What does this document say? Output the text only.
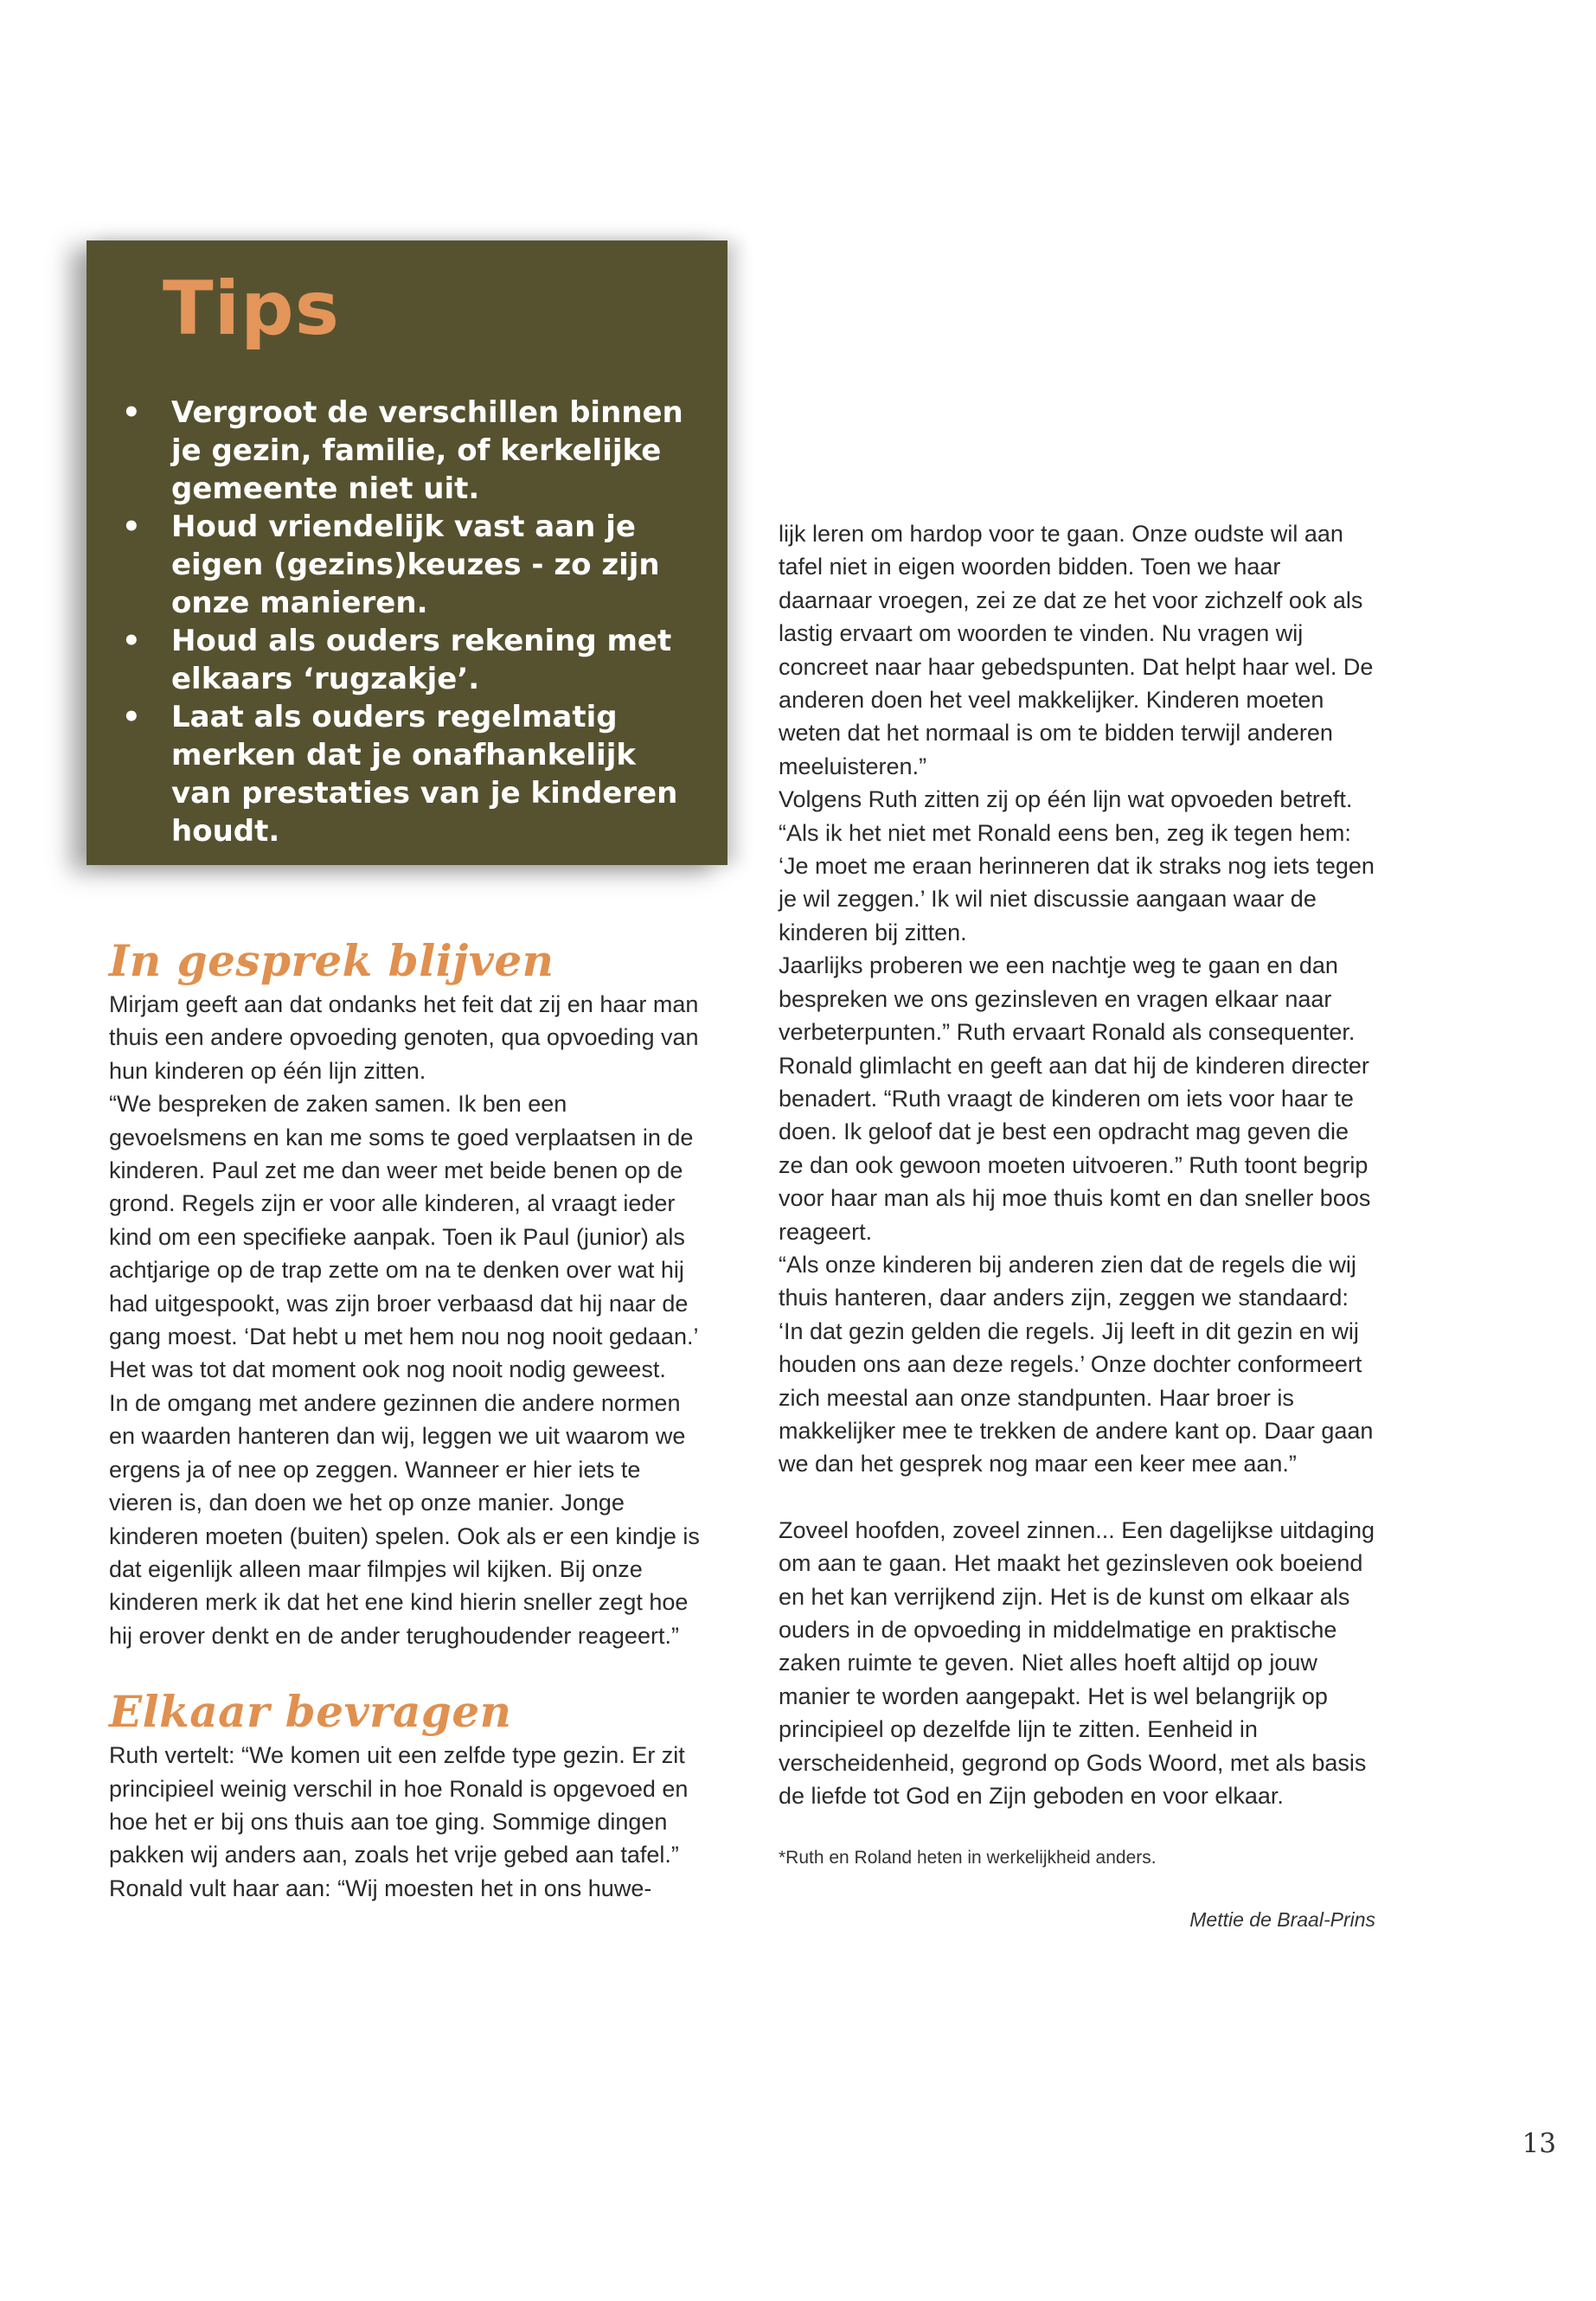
Tips
• Vergroot de verschillen binnen je gezin, familie, of kerkelijke gemeente niet uit.
• Houd vriendelijk vast aan je eigen (gezins)keuzes - zo zijn onze manieren.
• Houd als ouders rekening met elkaars ‘rugzakje’.
• Laat als ouders regelmatig merken dat je onafhankelijk van prestaties van je kinderen houdt.
In gesprek blijven

Mirjam geeft aan dat ondanks het feit dat zij en haar man thuis een andere opvoeding genoten, qua opvoeding van hun kinderen op één lijn zitten.

“We bespreken de zaken samen. Ik ben een gevoelsmens en kan me soms te goed verplaatsen in de kinderen. Paul zet me dan weer met beide benen op de grond. Regels zijn er voor alle kinderen, al vraagt ieder kind om een specifieke aanpak. Toen ik Paul (junior) als achtjarige op de trap zette om na te denken over wat hij had uitgespookt, was zijn broer verbaasd dat hij naar de gang moest. ‘Dat hebt u met hem nou nog nooit gedaan.’ Het was tot dat moment ook nog nooit nodig geweest.

In de omgang met andere gezinnen die andere normen en waarden hanteren dan wij, leggen we uit waarom we ergens ja of nee op zeggen. Wanneer er hier iets te vieren is, dan doen we het op onze manier. Jonge kinderen moeten (buiten) spelen. Ook als er een kindje is dat eigenlijk alleen maar filmpjes wil kijken. Bij onze kinderen merk ik dat het ene kind hierin sneller zegt hoe hij erover denkt en de ander terughoudender reageert.”

Elkaar bevragen

Ruth vertelt: “We komen uit een zelfde type gezin. Er zit principieel weinig verschil in hoe Ronald is opgevoed en hoe het er bij ons thuis aan toe ging. Sommige dingen pakken wij anders aan, zoals het vrije gebed aan tafel.”

Ronald vult haar aan: “Wij moesten het in ons huwe-

lijk leren om hardop voor te gaan. Onze oudste wil aan tafel niet in eigen woorden bidden. Toen we haar daarnaar vroegen, zei ze dat ze het voor zichzelf ook als lastig ervaart om woorden te vinden. Nu vragen wij concreet naar haar gebedspunten. Dat helpt haar wel. De anderen doen het veel makkelijker. Kinderen moeten weten dat het normaal is om te bidden terwijl anderen meeluisteren.”

Volgens Ruth zitten zij op één lijn wat opvoeden betreft. “Als ik het niet met Ronald eens ben, zeg ik tegen hem: ‘Je moet me eraan herinneren dat ik straks nog iets tegen je wil zeggen.’ Ik wil niet discussie aangaan waar de kinderen bij zitten.

Jaarlijks proberen we een nachtje weg te gaan en dan bespreken we ons gezinsleven en vragen elkaar naar verbeterpunten.” Ruth ervaart Ronald als consequenter. Ronald glimlacht en geeft aan dat hij de kinderen directer benadert. “Ruth vraagt de kinderen om iets voor haar te doen. Ik geloof dat je best een opdracht mag geven die ze dan ook gewoon moeten uitvoeren.” Ruth toont begrip voor haar man als hij moe thuis komt en dan sneller boos reageert.

“Als onze kinderen bij anderen zien dat de regels die wij thuis hanteren, daar anders zijn, zeggen we standaard: ‘In dat gezin gelden die regels. Jij leeft in dit gezin en wij houden ons aan deze regels.’ Onze dochter conformeert zich meestal aan onze standpunten. Haar broer is makkelijker mee te trekken de andere kant op. Daar gaan we dan het gesprek nog maar een keer mee aan.”

Zoveel hoofden, zoveel zinnen... Een dagelijkse uitdaging om aan te gaan. Het maakt het gezinsleven ook boeiend en het kan verrijkend zijn. Het is de kunst om elkaar als ouders in de opvoeding in middelmatige en praktische zaken ruimte te geven. Niet alles hoeft altijd op jouw manier te worden aangepakt. Het is wel belangrijk op principieel op dezelfde lijn te zitten. Eenheid in verscheidenheid, gegrond op Gods Woord, met als basis de liefde tot God en Zijn geboden en voor elkaar.

*Ruth en Roland heten in werkelijkheid anders.

Mettie de Braal-Prins

13
